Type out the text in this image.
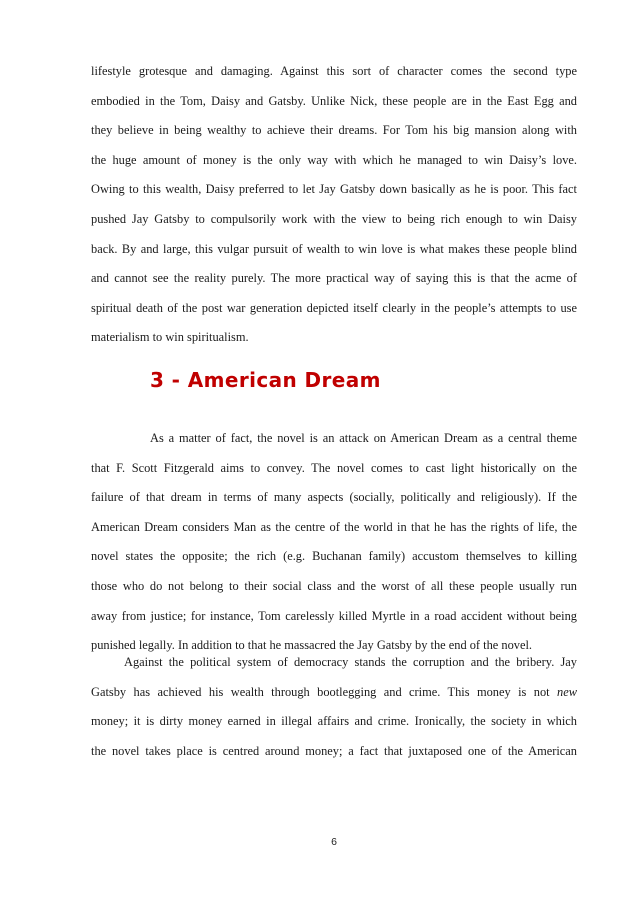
lifestyle grotesque and damaging. Against this sort of character comes the second type
embodied in the Tom, Daisy and Gatsby. Unlike Nick, these people are in the East Egg and
they believe in being wealthy to achieve their dreams. For Tom his big mansion along with
the huge amount of money is the only way with which he managed to win Daisy’s love.
Owing to this wealth, Daisy preferred to let Jay Gatsby down basically as he is poor. This fact
pushed Jay Gatsby to compulsorily work with the view to being rich enough to win Daisy
back. By and large, this vulgar pursuit of wealth to win love is what makes these people blind
and cannot see the reality purely. The more practical way of saying this is that the acme of
spiritual death of the post war generation depicted itself clearly in the people’s attempts to use
materialism to win spiritualism.
3 - American Dream
As a matter of fact, the novel is an attack on American Dream as a central theme
that F. Scott Fitzgerald aims to convey. The novel comes to cast light historically on the
failure of that dream in terms of many aspects (socially, politically and religiously). If the
American Dream considers Man as the centre of the world in that he has the rights of life, the
novel states the opposite; the rich (e.g. Buchanan family) accustom themselves to killing
those who do not belong to their social class and the worst of all these people usually run
away from justice; for instance, Tom carelessly killed Myrtle in a road accident without being
punished legally. In addition to that he massacred the Jay Gatsby by the end of the novel.
Against the political system of democracy stands the corruption and the bribery. Jay
Gatsby has achieved his wealth through bootlegging and crime. This money is not new
money; it is dirty money earned in illegal affairs and crime. Ironically, the society in which
the novel takes place is centred around money; a fact that juxtaposed one of the American
6
